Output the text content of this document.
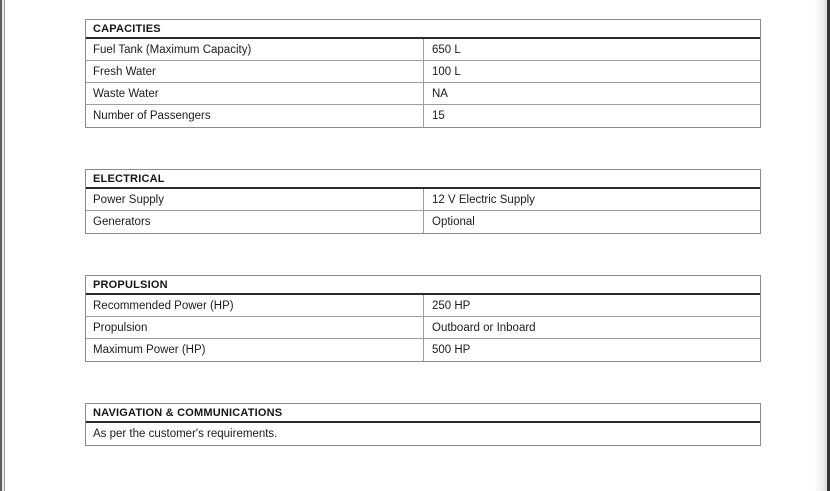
CAPACITIES
Fuel Tank (Maximum Capacity)	650 L
Fresh Water	100 L
Waste Water	NA
Number of Passengers	15
ELECTRICAL
Power Supply	12 V Electric Supply
Generators	Optional
PROPULSION
Recommended Power (HP)	250 HP
Propulsion	Outboard or Inboard
Maximum Power (HP)	500 HP
NAVIGATION & COMMUNICATIONS
As per the customer's requirements.
